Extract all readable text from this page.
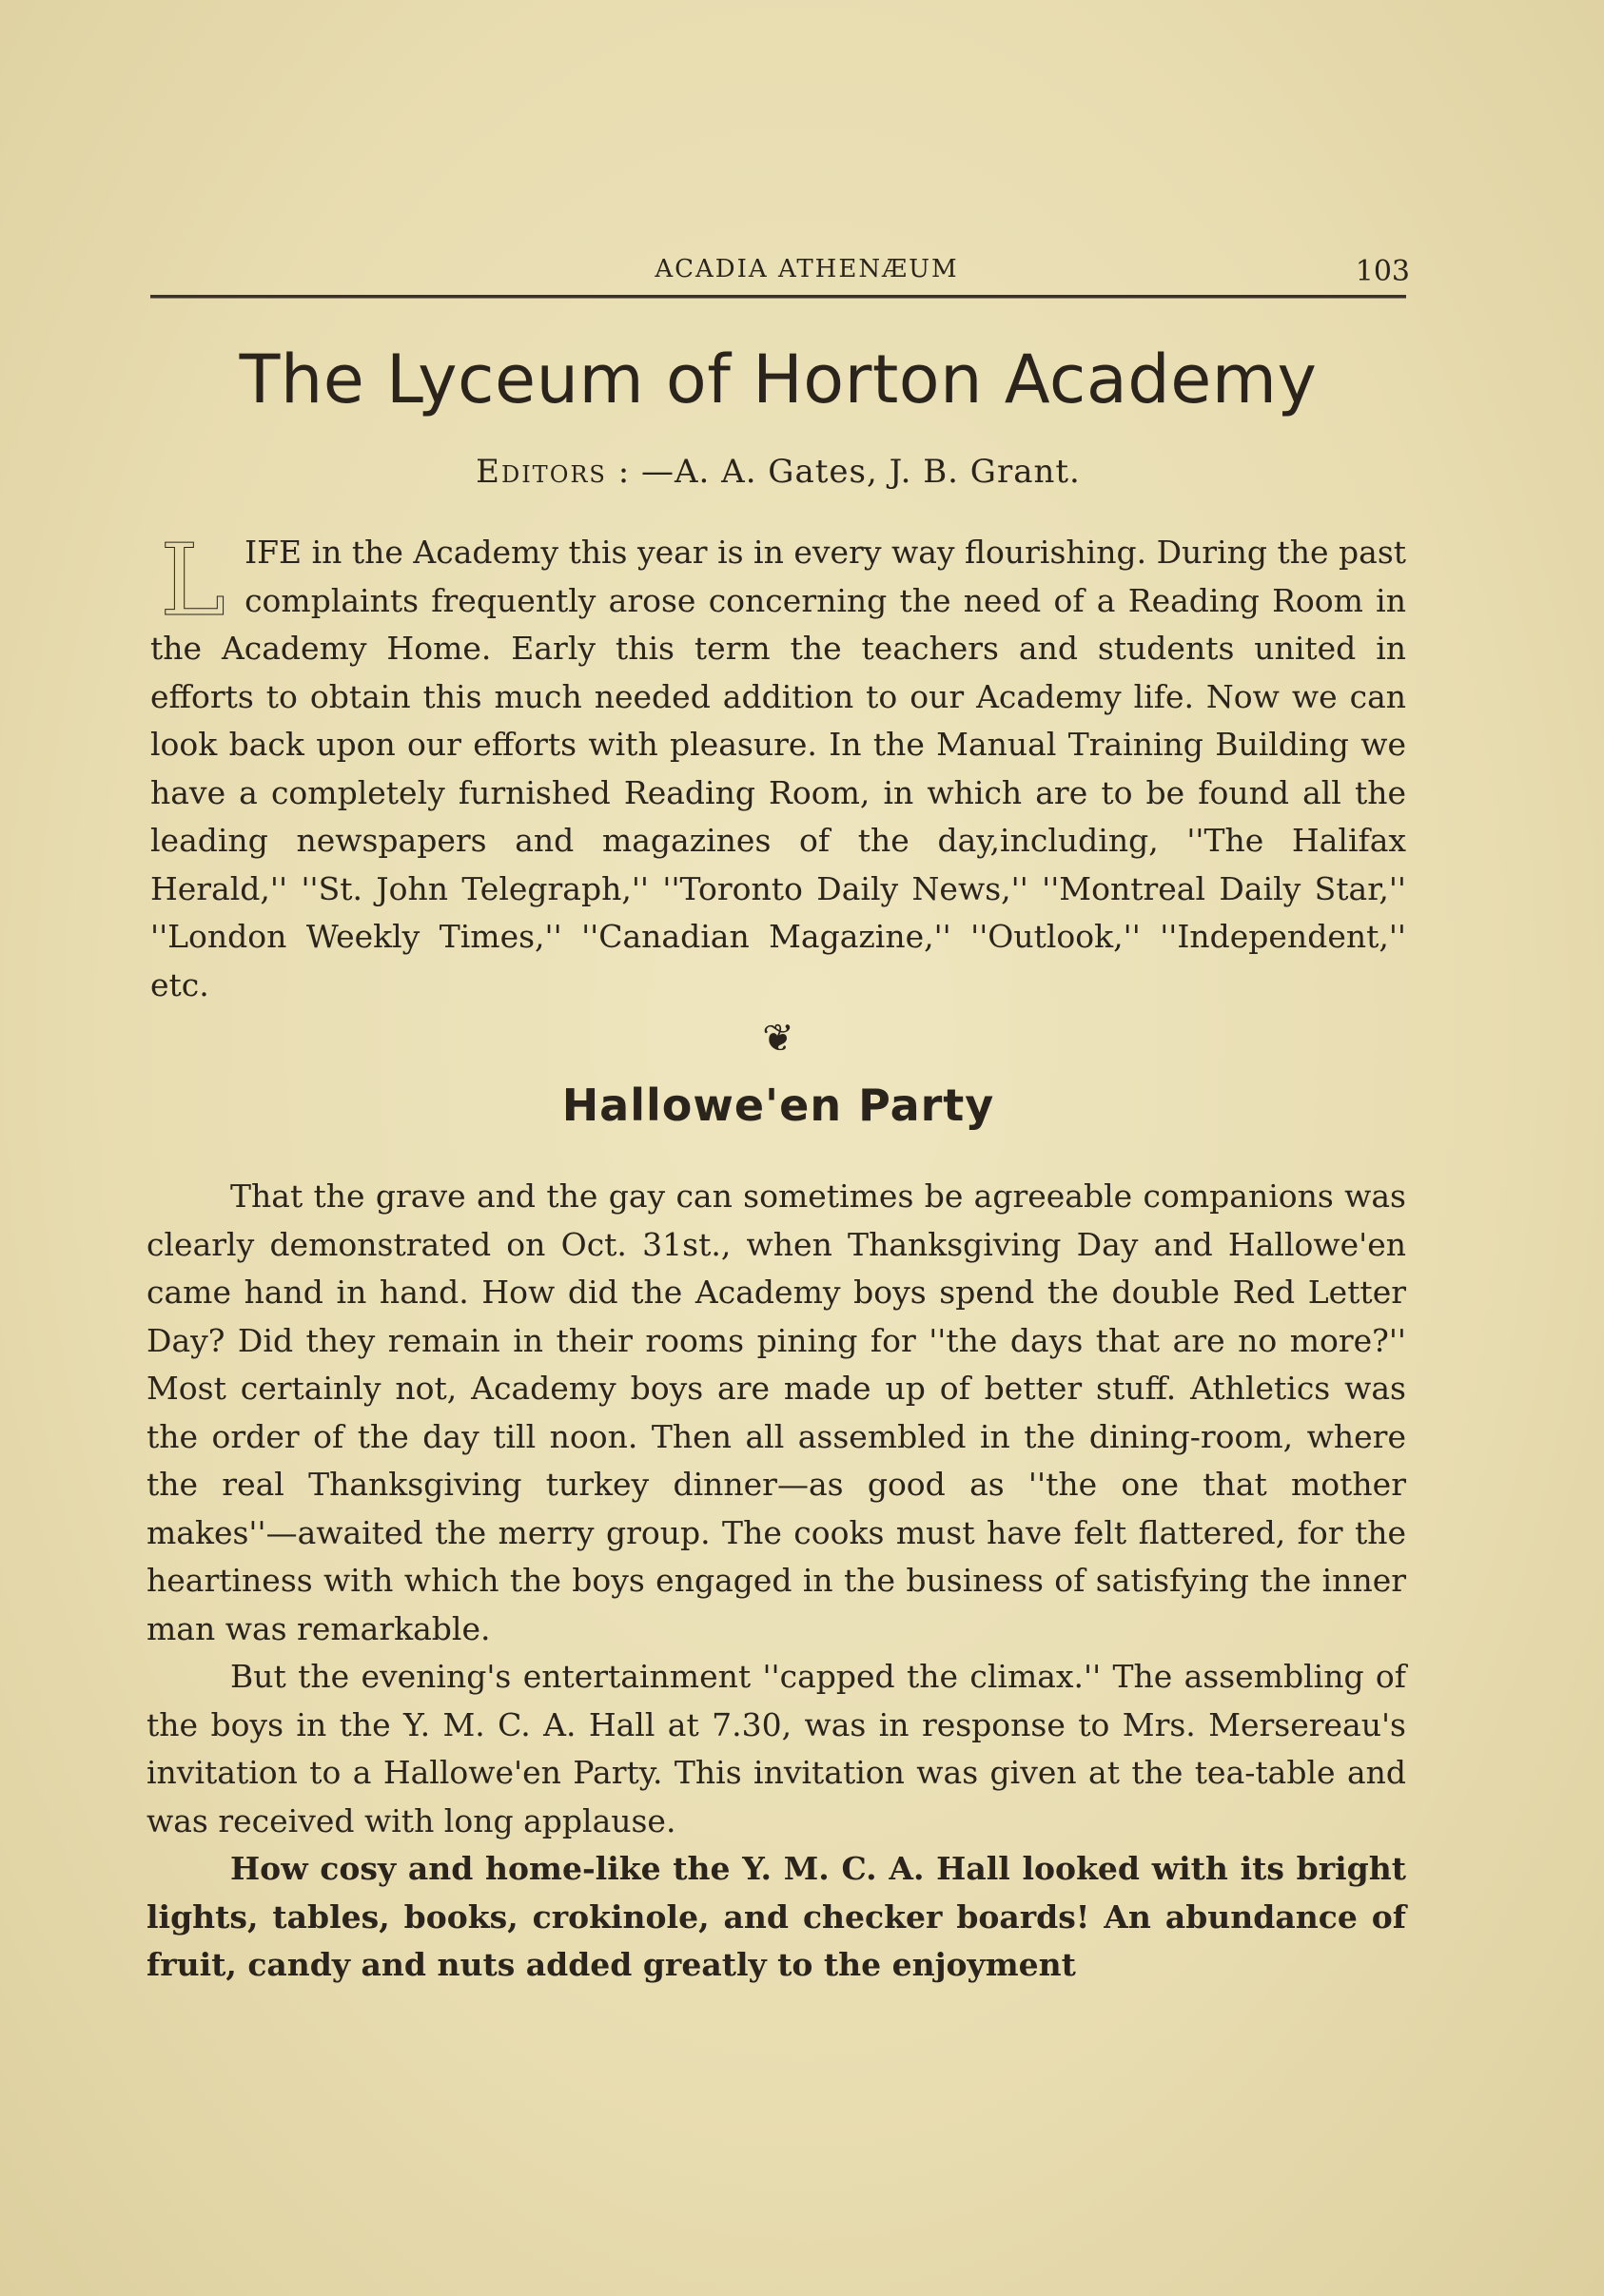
ACADIA ATHENÆUM	103
The Lyceum of Horton Academy
Editors : —A. A. Gates, J. B. Grant.
L IFE in the Academy this year is in every way flourishing. During the past complaints frequently arose concerning the need of a Reading Room in the Academy Home. Early this term the teachers and students united in efforts to obtain this much needed addition to our Academy life. Now we can look back upon our efforts with pleasure. In the Manual Training Building we have a completely furnished Reading Room, in which are to be found all the leading newspapers and magazines of the day,including, ''The Halifax Herald,'' ''St. John Telegraph,'' ''Toronto Daily News,'' ''Montreal Daily Star,'' ''London Weekly Times,'' ''Canadian Magazine,'' ''Outlook,'' ''Independent,'' etc.

❦
Hallowe'en Party

That the grave and the gay can sometimes be agreeable companions was clearly demonstrated on Oct. 31st., when Thanksgiving Day and Hallowe'en came hand in hand. How did the Academy boys spend the double Red Letter Day? Did they remain in their rooms pining for ''the days that are no more?'' Most certainly not, Academy boys are made up of better stuff. Athletics was the order of the day till noon. Then all assembled in the dining-room, where the real Thanksgiving turkey dinner—as good as ''the one that mother makes''—awaited the merry group. The cooks must have felt flattered, for the heartiness with which the boys engaged in the business of satisfying the inner man was remarkable.

But the evening's entertainment ''capped the climax.'' The assembling of the boys in the Y. M. C. A. Hall at 7.30, was in response to Mrs. Mersereau's invitation to a Hallowe'en Party. This invitation was given at the tea-table and was received with long applause.

How cosy and home-like the Y. M. C. A. Hall looked with its bright lights, tables, books, crokinole, and checker boards! An abundance of fruit, candy and nuts added greatly to the enjoyment
